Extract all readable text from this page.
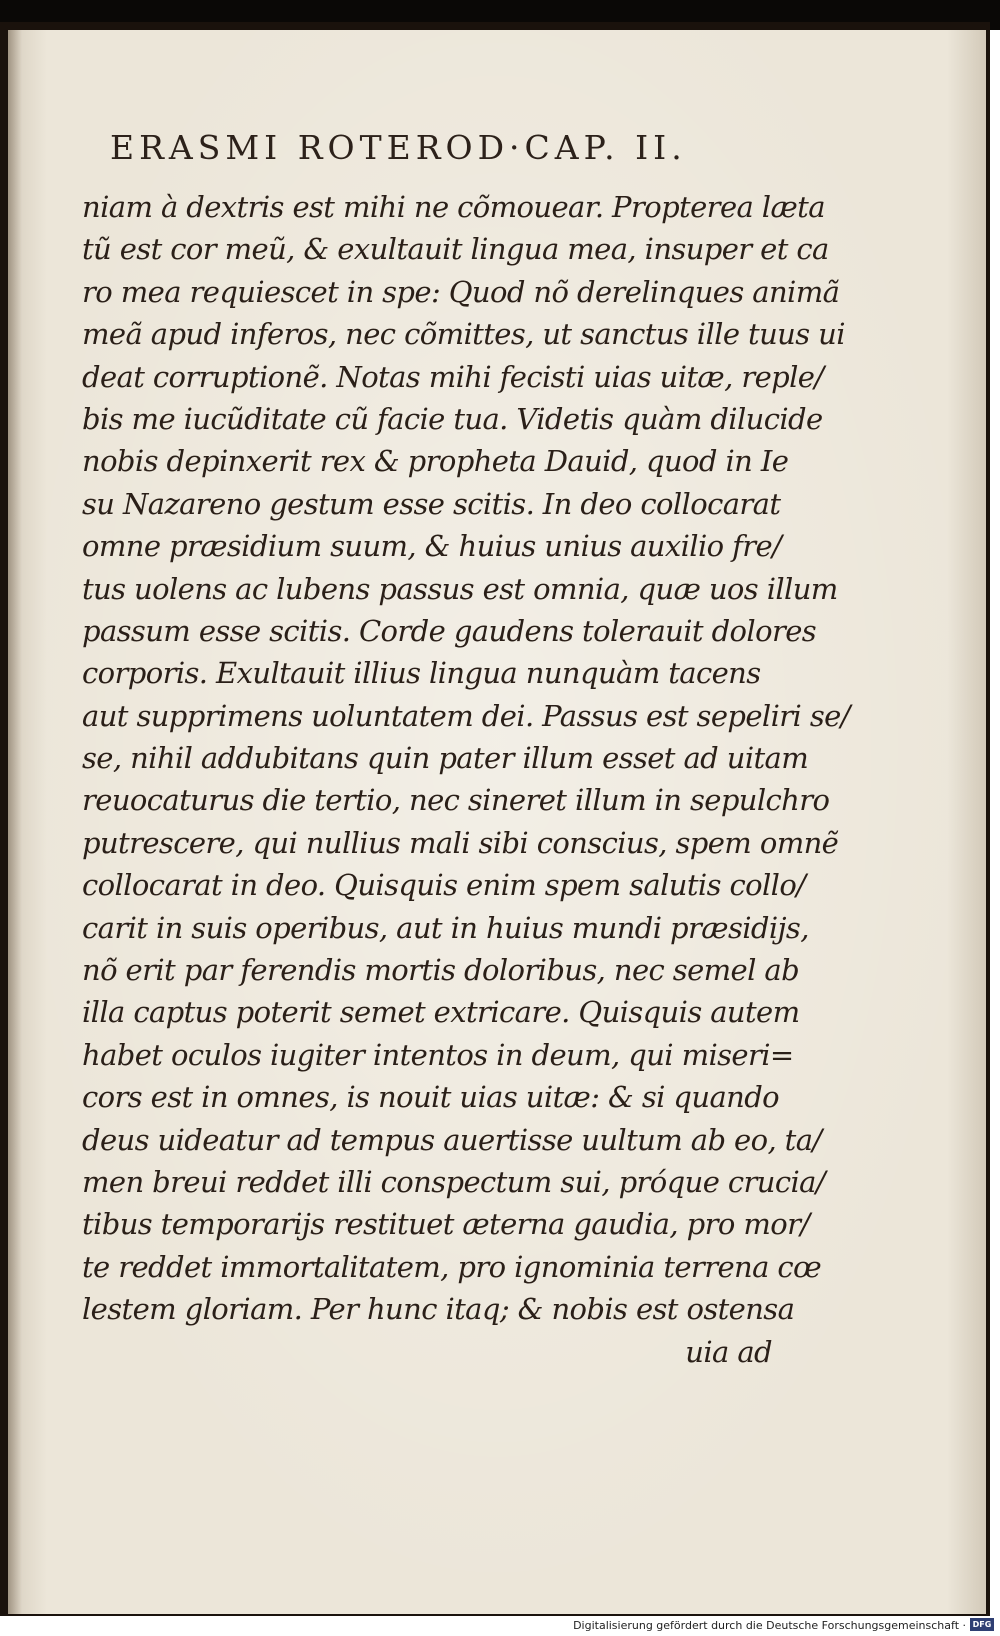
ERASMI ROTEROD·CAP. II.
niam à dextris est mihi ne cõmouear. Propterea læta
tũ est cor meũ, & exultauit lingua mea, insuper et ca
ro mea requiescet in spe: Quod nõ derelinques animã
meã apud inferos, nec cõmittes, ut sanctus ille tuus ui
deat corruptionẽ. Notas mihi fecisti uias uitæ, reple/
bis me iucũditate cũ facie tua. Videtis quàm dilucide
nobis depinxerit rex & propheta Dauid, quod in Ie
su Nazareno gestum esse scitis. In deo collocarat
omne præsidium suum, & huius unius auxilio fre/
tus uolens ac lubens passus est omnia, quæ uos illum
passum esse scitis. Corde gaudens tolerauit dolores
corporis. Exultauit illius lingua nunquàm tacens
aut supprimens uoluntatem dei. Passus est sepeliri se/
se, nihil addubitans quin pater illum esset ad uitam
reuocaturus die tertio, nec sineret illum in sepulchro
putrescere, qui nullius mali sibi conscius, spem omnẽ
collocarat in deo. Quisquis enim spem salutis collo/
carit in suis operibus, aut in huius mundi præsidijs,
nõ erit par ferendis mortis doloribus, nec semel ab
illa captus poterit semet extricare. Quisquis autem
habet oculos iugiter intentos in deum, qui miseri=
cors est in omnes, is nouit uias uitæ: & si quando
deus uideatur ad tempus auertisse uultum ab eo, ta/
men breui reddet illi conspectum sui, próque crucia/
tibus temporarijs restituet æterna gaudia, pro mor/
te reddet immortalitatem, pro ignominia terrena cœ
lestem gloriam. Per hunc itaq; & nobis est ostensa
uia ad
Digitalisierung gefördert durch die Deutsche Forschungsgemeinschaft · DFG
